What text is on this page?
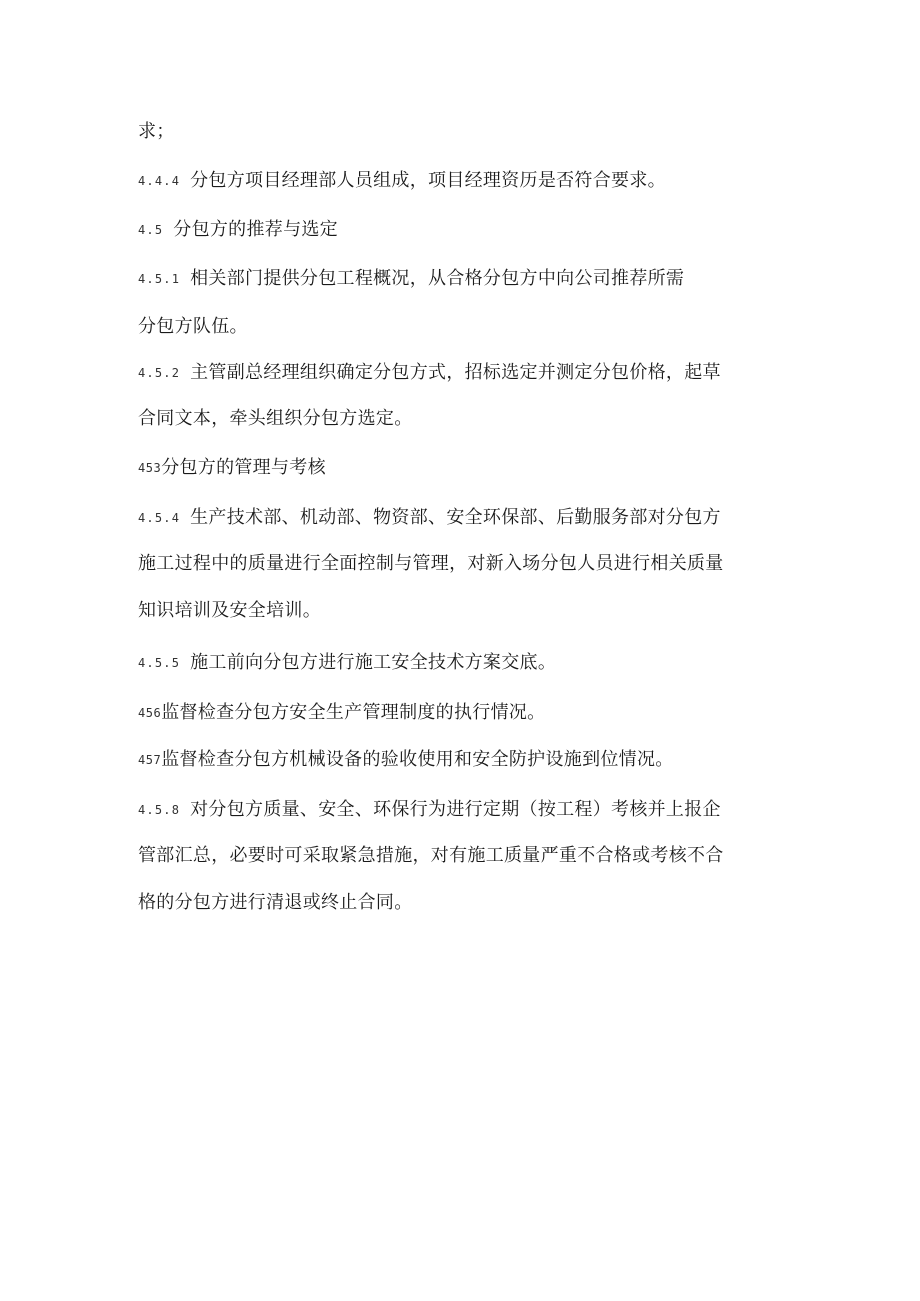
求；
4.4.4 分包方项目经理部人员组成，项目经理资历是否符合要求。
4.5 分包方的推荐与选定
4.5.1 相关部门提供分包工程概况，从合格分包方中向公司推荐所需
分包方队伍。
4.5.2 主管副总经理组织确定分包方式，招标选定并测定分包价格，起草
合同文本，牵头组织分包方选定。
453分包方的管理与考核
4.5.4 生产技术部、机动部、物资部、安全环保部、后勤服务部对分包方
施工过程中的质量进行全面控制与管理，对新入场分包人员进行相关质量
知识培训及安全培训。
4.5.5 施工前向分包方进行施工安全技术方案交底。
456监督检查分包方安全生产管理制度的执行情况。
457监督检查分包方机械设备的验收使用和安全防护设施到位情况。
4.5.8 对分包方质量、安全、环保行为进行定期（按工程）考核并上报企
管部汇总，必要时可采取紧急措施，对有施工质量严重不合格或考核不合
格的分包方进行清退或终止合同。
